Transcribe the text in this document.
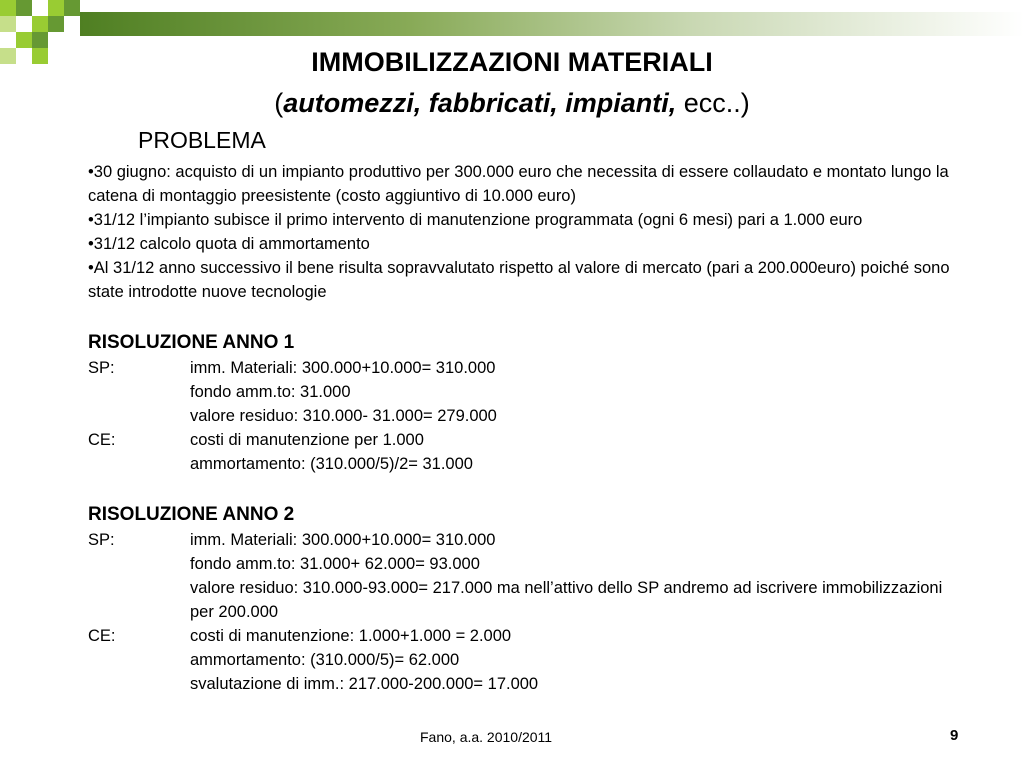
IMMOBILIZZAZIONI MATERIALI
(automezzi, fabbricati, impianti, ecc..)
PROBLEMA

•30 giugno: acquisto di un impianto produttivo per 300.000 euro che necessita di essere collaudato e montato lungo la catena di montaggio preesistente (costo aggiuntivo di 10.000 euro)

•31/12 l’impianto subisce il primo intervento di manutenzione programmata (ogni 6 mesi) pari a 1.000 euro

•31/12 calcolo quota di ammortamento

•Al 31/12 anno successivo il bene risulta sopravvalutato rispetto al valore di mercato (pari a 200.000euro) poiché sono state introdotte nuove tecnologie

RISOLUZIONE ANNO 1
SP:	imm. Materiali: 300.000+10.000= 310.000
fondo amm.to: 31.000
valore residuo: 310.000- 31.000= 279.000
CE:	costi di manutenzione per 1.000
ammortamento: (310.000/5)/2= 31.000
RISOLUZIONE ANNO 2
SP:	imm. Materiali: 300.000+10.000= 310.000
fondo amm.to: 31.000+ 62.000= 93.000
valore residuo: 310.000-93.000= 217.000 ma nell’attivo dello SP andremo ad iscrivere immobilizzazioni per 200.000
CE:	costi di manutenzione: 1.000+1.000 = 2.000
ammortamento: (310.000/5)= 62.000
svalutazione di imm.: 217.000-200.000= 17.000
Fano, a.a. 2010/2011	9
